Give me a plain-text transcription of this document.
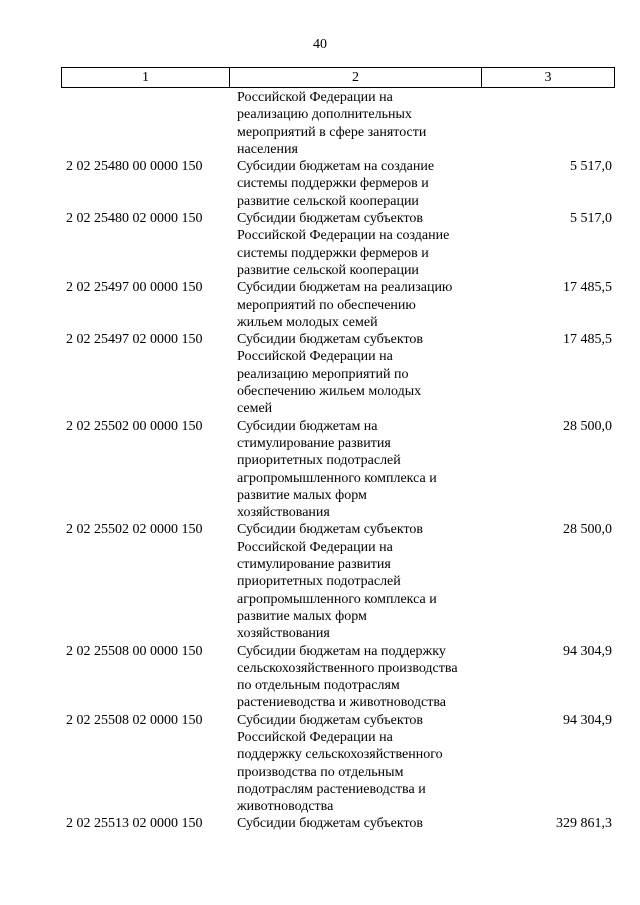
40
1	2	3
Российской Федерации на
реализацию дополнительных
мероприятий в сфере занятости
населения
2 02 25480 00 0000 150	Субсидии бюджетам на создание
системы поддержки фермеров и
развитие сельской кооперации
5 517,0
2 02 25480 02 0000 150	Субсидии бюджетам субъектов
Российской Федерации на создание
системы поддержки фермеров и
развитие сельской кооперации
5 517,0
2 02 25497 00 0000 150	Субсидии бюджетам на реализацию
мероприятий по обеспечению
жильем молодых семей
17 485,5
2 02 25497 02 0000 150	Субсидии бюджетам субъектов
Российской Федерации на
реализацию мероприятий по
обеспечению жильем молодых
семей
17 485,5
2 02 25502 00 0000 150	Субсидии бюджетам на
стимулирование развития
приоритетных подотраслей
агропромышленного комплекса и
развитие малых форм
хозяйствования
28 500,0
2 02 25502 02 0000 150	Субсидии бюджетам субъектов
Российской Федерации на
стимулирование развития
приоритетных подотраслей
агропромышленного комплекса и
развитие малых форм
хозяйствования
28 500,0
2 02 25508 00 0000 150	Субсидии бюджетам на поддержку
сельскохозяйственного производства
по отдельным подотраслям
растениеводства и животноводства
94 304,9
2 02 25508 02 0000 150	Субсидии бюджетам субъектов
Российской Федерации на
поддержку сельскохозяйственного
производства по отдельным
подотраслям растениеводства и
животноводства
94 304,9
2 02 25513 02 0000 150	Субсидии бюджетам субъектов	329 861,3
